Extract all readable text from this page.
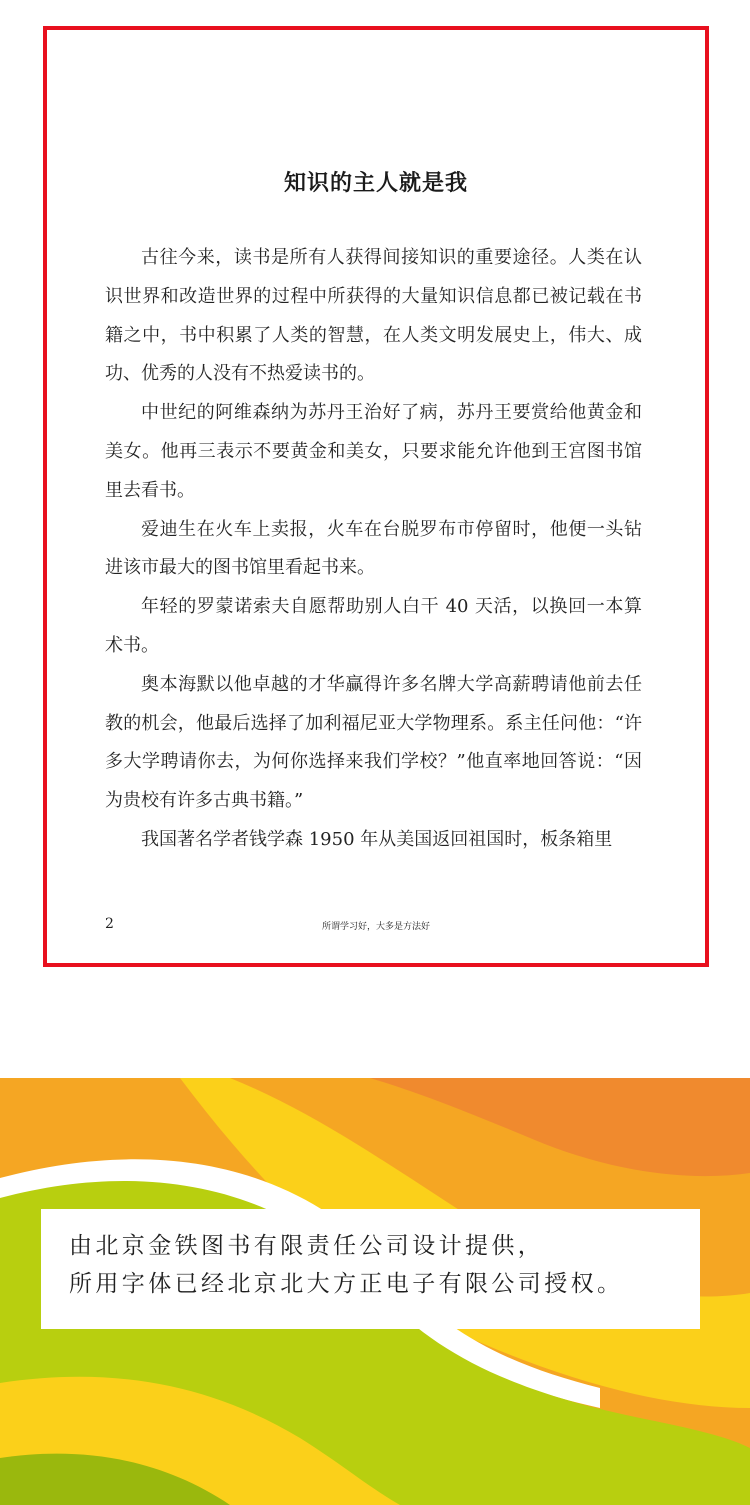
知识的主人就是我

古往今来，读书是所有人获得间接知识的重要途径。人类在认识世界和改造世界的过程中所获得的大量知识信息都已被记载在书籍之中，书中积累了人类的智慧，在人类文明发展史上，伟大、成功、优秀的人没有不热爱读书的。

中世纪的阿维森纳为苏丹王治好了病，苏丹王要赏给他黄金和美女。他再三表示不要黄金和美女，只要求能允许他到王宫图书馆里去看书。

爱迪生在火车上卖报，火车在台脱罗布市停留时，他便一头钻进该市最大的图书馆里看起书来。

年轻的罗蒙诺索夫自愿帮助别人白干 40 天活，以换回一本算术书。

奥本海默以他卓越的才华赢得许多名牌大学高薪聘请他前去任教的机会，他最后选择了加利福尼亚大学物理系。系主任问他：“许多大学聘请你去，为何你选择来我们学校？”他直率地回答说：“因为贵校有许多古典书籍。”

我国著名学者钱学森 1950 年从美国返回祖国时，板条箱里

2	所谓学习好，大多是方法好
由北京金铁图书有限责任公司设计提供，
所用字体已经北京北大方正电子有限公司授权。
